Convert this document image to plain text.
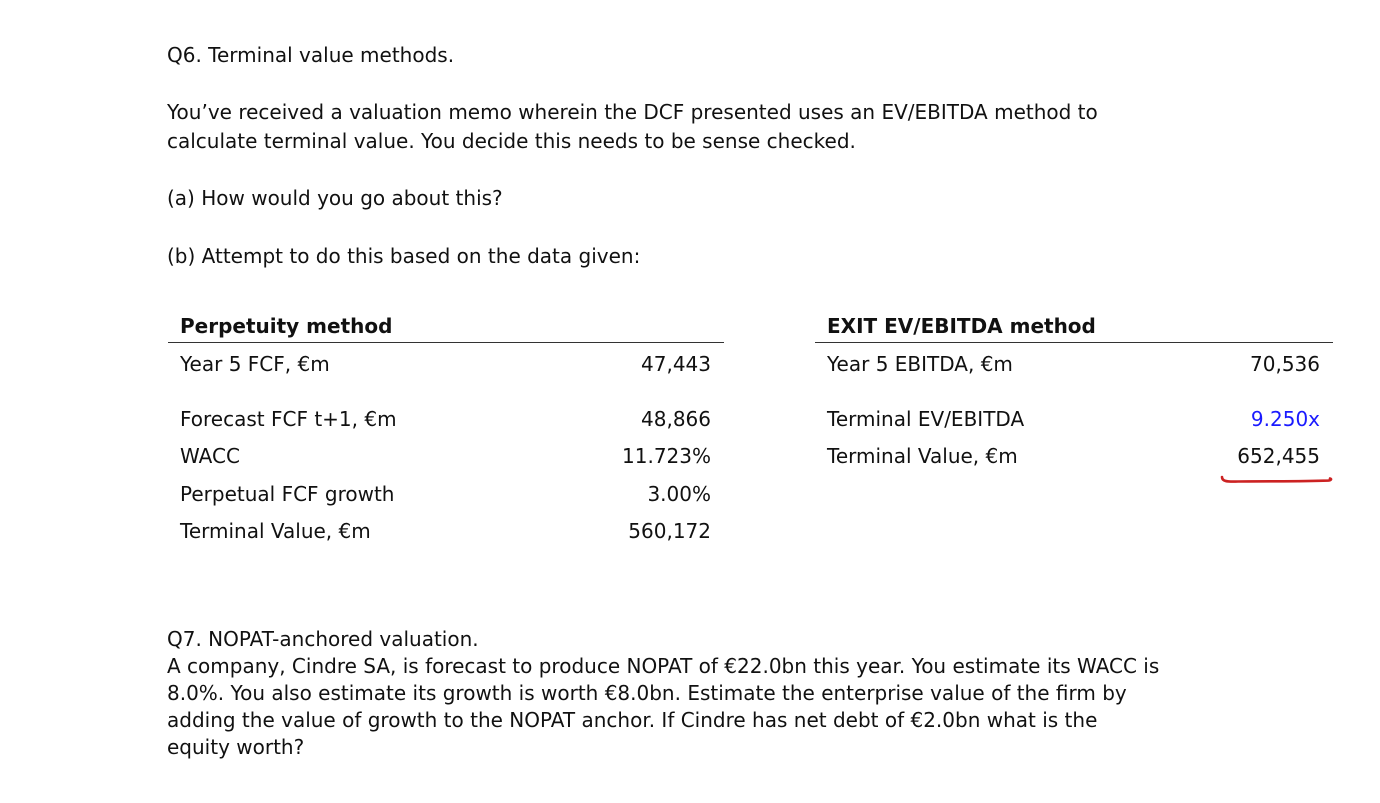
Q6. Terminal value methods.
You’ve received a valuation memo wherein the DCF presented uses an EV/EBITDA method to
calculate terminal value. You decide this needs to be sense checked.
(a) How would you go about this?
(b) Attempt to do this based on the data given:
Perpetuity method
Year 5 FCF, €m	47,443
Forecast FCF t+1, €m	48,866
WACC	11.723%
Perpetual FCF growth	3.00%
Terminal Value, €m	560,172
EXIT EV/EBITDA method
Year 5 EBITDA, €m	70,536
Terminal EV/EBITDA	9.250x
Terminal Value, €m	652,455

Q7. NOPAT-anchored valuation.

A company, Cindre SA, is forecast to produce NOPAT of €22.0bn this year. You estimate its WACC is

8.0%. You also estimate its growth is worth €8.0bn. Estimate the enterprise value of the firm by

adding the value of growth to the NOPAT anchor. If Cindre has net debt of €2.0bn what is the

equity worth?
